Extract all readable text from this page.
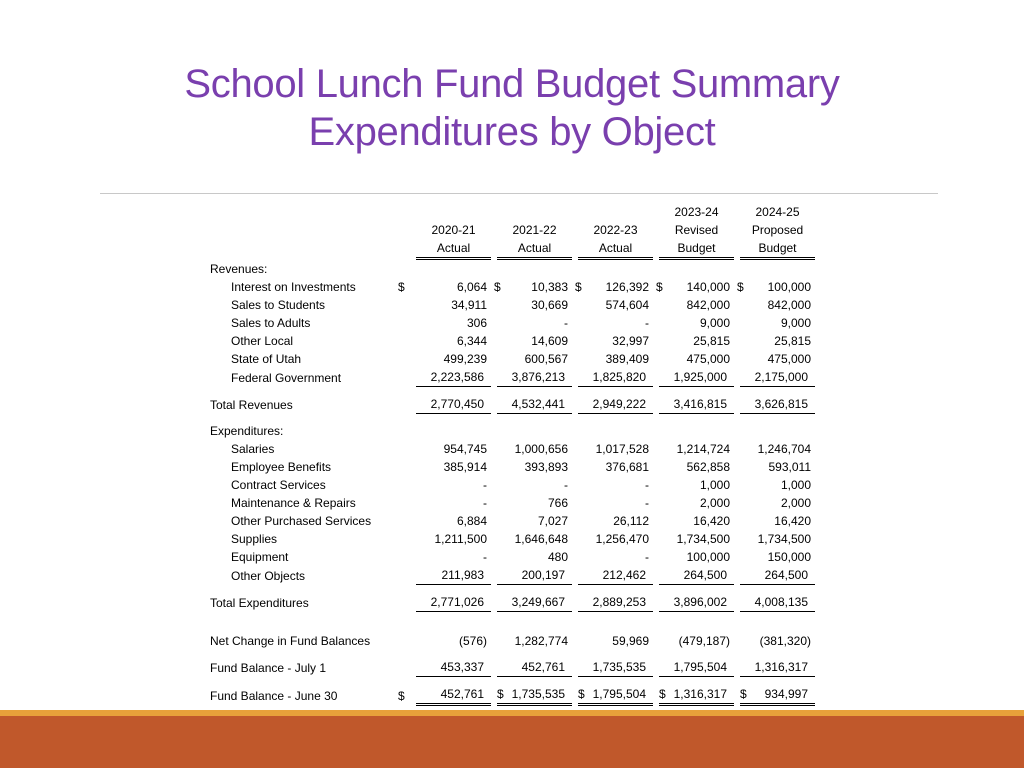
School Lunch Fund Budget Summary
Expenditures by Object

					2023-24	2024-25

		2020-21	2021-22	2022-23	Revised	Proposed

		Actual	Actual	Actual	Budget	Budget

Revenues:						
Interest on Investments	$	6,064	$ 10,383	$ 126,392	$ 140,000	$ 100,000

Sales to Students		34,911	30,669	574,604	842,000	842,000

Sales to Adults		306	-	-	9,000	9,000

Other Local		6,344	14,609	32,997	25,815	25,815

State of Utah		499,239	600,567	389,409	475,000	475,000

Federal Government		2,223,586	3,876,213	1,825,820	1,925,000	2,175,000

Total Revenues		2,770,450	4,532,441	2,949,222	3,416,815	3,626,815

Expenditures:						
Salaries		954,745	1,000,656	1,017,528	1,214,724	1,246,704

Employee Benefits		385,914	393,893	376,681	562,858	593,011

Contract Services		-	-	-	1,000	1,000

Maintenance & Repairs		-	766	-	2,000	2,000

Other Purchased Services		6,884	7,027	26,112	16,420	16,420

Supplies		1,211,500	1,646,648	1,256,470	1,734,500	1,734,500

Equipment		-	480	-	100,000	150,000

Other Objects		211,983	200,197	212,462	264,500	264,500

Total Expenditures		2,771,026	3,249,667	2,889,253	3,896,002	4,008,135

Net Change in Fund Balances		(576)	1,282,774	59,969	(479,187)	(381,320)

Fund Balance - July 1		453,337	452,761	1,735,535	1,795,504	1,316,317

Fund Balance - June 30	$	452,761	$ 1,735,535	$ 1,795,504	$ 1,316,317	$ 934,997
